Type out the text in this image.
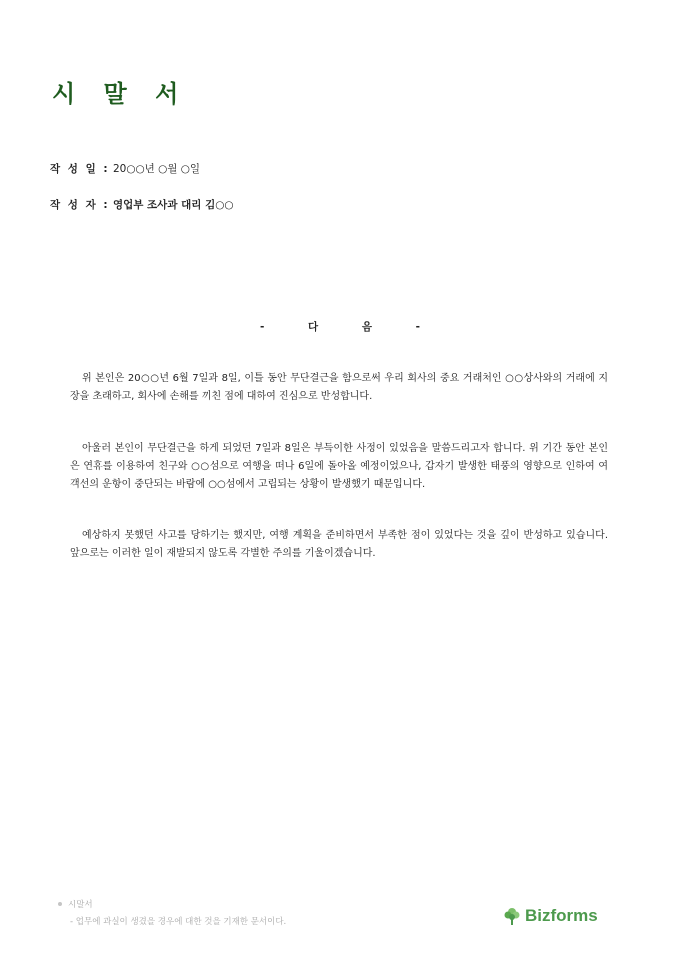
시 말 서
작 성 일 : 20○○년 ○월 ○일
작 성 자 : 영업부 조사과 대리 김○○
- 다 음 -

위 본인은 20○○년 6월 7일과 8일, 이틀 동안 무단결근을 함으로써 우리 회사의 중요 거래처인 ○○상사와의 거래에 지장을 초래하고, 회사에 손해를 끼친 점에 대하여 진심으로 반성합니다.

아울러 본인이 무단결근을 하게 되었던 7일과 8일은 부득이한 사정이 있었음을 말씀드리고자 합니다. 위 기간 동안 본인은 연휴를 이용하여 친구와 ○○섬으로 여행을 떠나 6일에 돌아올 예정이었으나, 갑자기 발생한 태풍의 영향으로 인하여 여객선의 운항이 중단되는 바람에 ○○섬에서 고립되는 상황이 발생했기 때문입니다.

예상하지 못했던 사고를 당하기는 했지만, 여행 계획을 준비하면서 부족한 점이 있었다는 것을 깊이 반성하고 있습니다. 앞으로는 이러한 일이 재발되지 않도록 각별한 주의를 기울이겠습니다.

시말서
- 업무에 과실이 생겼을 경우에 대한 것을 기재한 문서이다.	Bizforms
